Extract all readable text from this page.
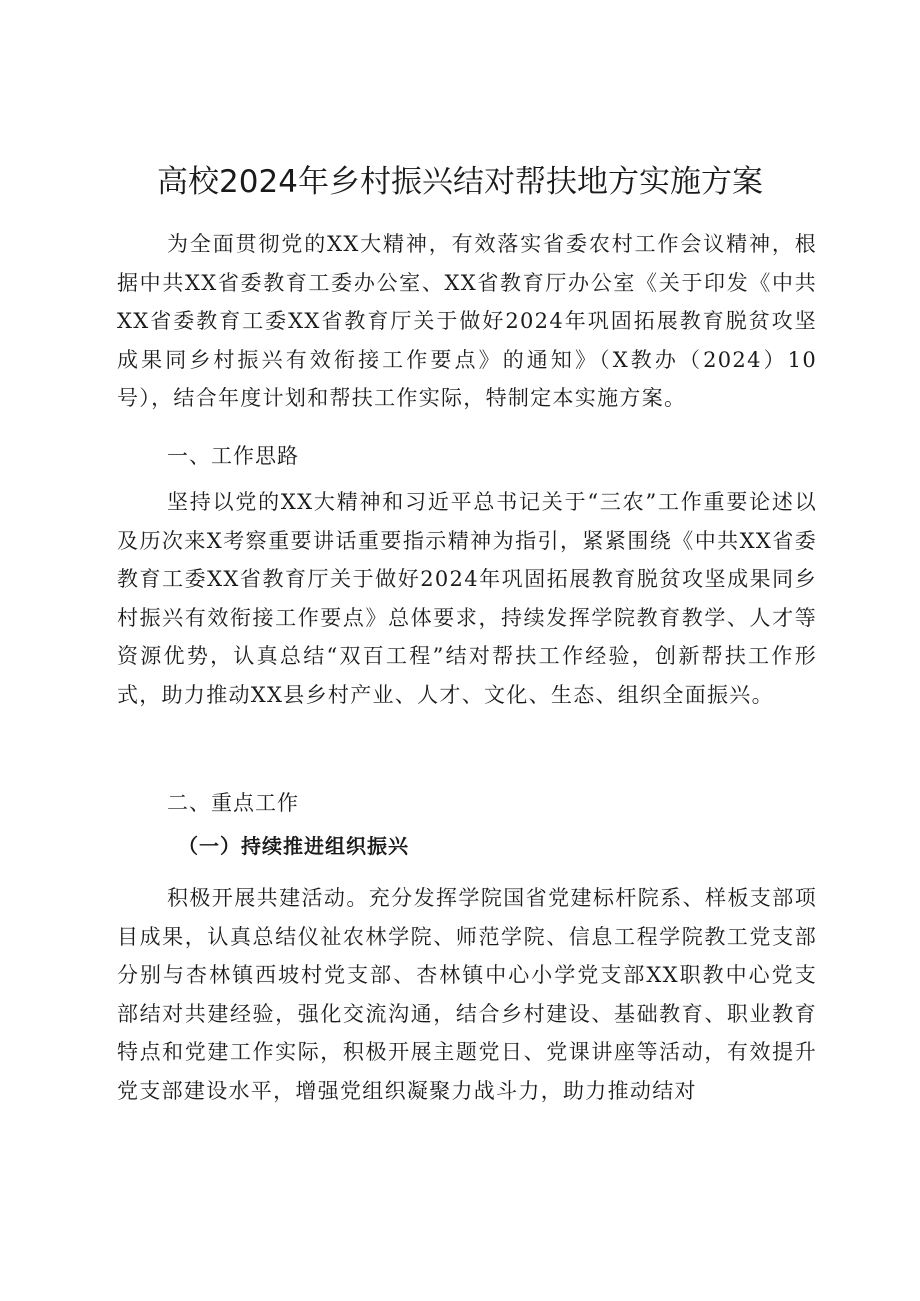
高校2024年乡村振兴结对帮扶地方实施方案

为全面贯彻党的XX大精神，有效落实省委农村工作会议精神，根据中共XX省委教育工委办公室、XX省教育厅办公室《关于印发《中共XX省委教育工委XX省教育厅关于做好2024年巩固拓展教育脱贫攻坚成果同乡村振兴有效衔接工作要点》的通知》（X教办（2024）10号），结合年度计划和帮扶工作实际，特制定本实施方案。

一、工作思路

坚持以党的XX大精神和习近平总书记关于“三农”工作重要论述以及历次来X考察重要讲话重要指示精神为指引，紧紧围绕《中共XX省委教育工委XX省教育厅关于做好2024年巩固拓展教育脱贫攻坚成果同乡村振兴有效衔接工作要点》总体要求，持续发挥学院教育教学、人才等资源优势，认真总结“双百工程”结对帮扶工作经验，创新帮扶工作形式，助力推动XX县乡村产业、人才、文化、生态、组织全面振兴。

二、重点工作
（一）持续推进组织振兴

积极开展共建活动。充分发挥学院国省党建标杆院系、样板支部项目成果，认真总结仪祉农林学院、师范学院、信息工程学院教工党支部分别与杏林镇西坡村党支部、杏林镇中心小学党支部XX职教中心党支部结对共建经验，强化交流沟通，结合乡村建设、基础教育、职业教育特点和党建工作实际，积极开展主题党日、党课讲座等活动，有效提升党支部建设水平，增强党组织凝聚力战斗力，助力推动结对
